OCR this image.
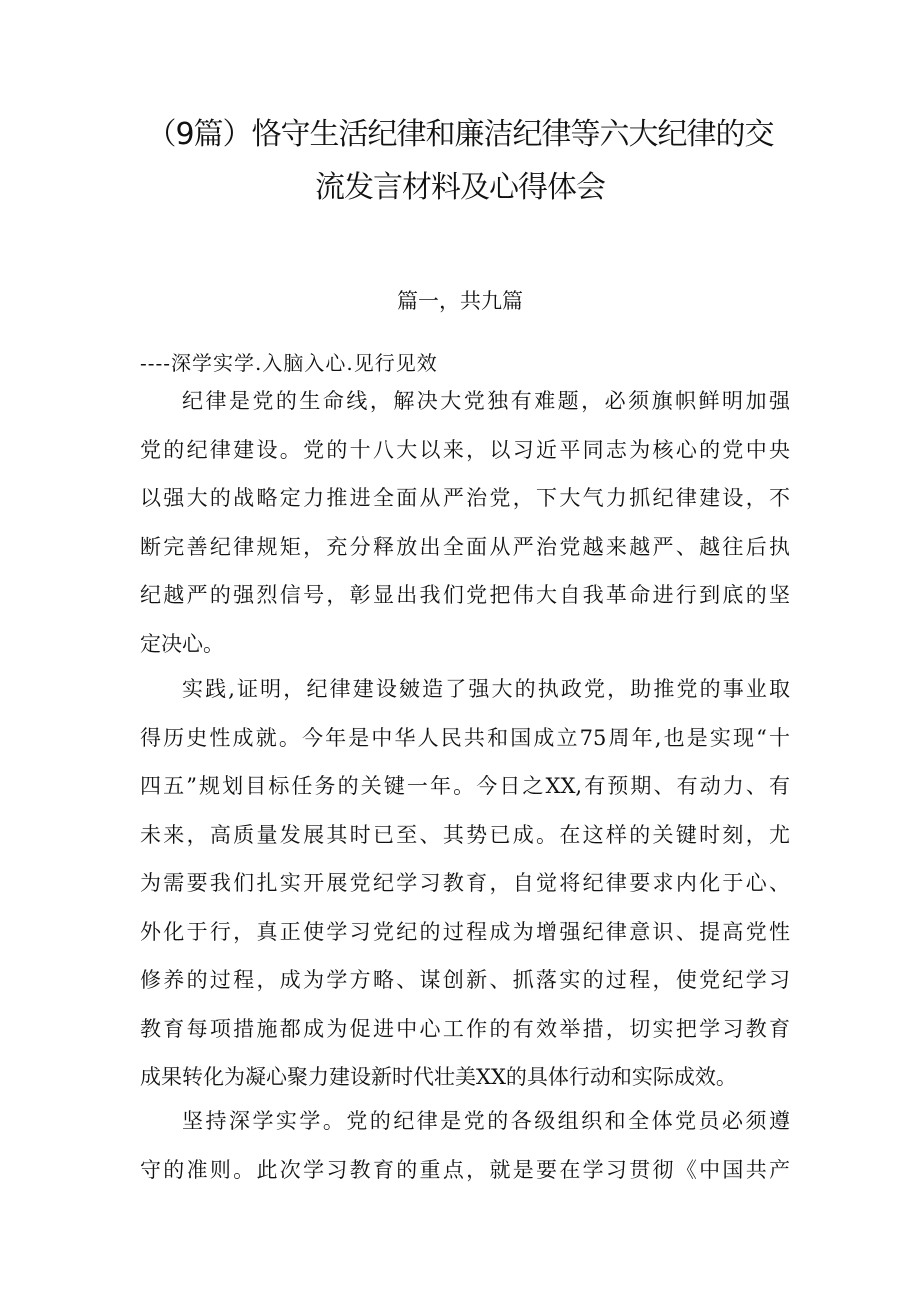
（9篇）恪守生活纪律和廉洁纪律等六大纪律的交
流发言材料及心得体会
篇一，共九篇
----深学实学.入脑入心.见行见效

纪律是党的生命线，解决大党独有难题，必须旗帜鲜明加强
党的纪律建设。党的十八大以来，以习近平同志为核心的党中央
以强大的战略定力推进全面从严治党，下大气力抓纪律建设，不
断完善纪律规矩，充分释放出全面从严治党越来越严、越往后执
纪越严的强烈信号，彰显出我们党把伟大自我革命进行到底的坚
定决心。

实践,证明，纪律建设皴造了强大的执政党，助推党的事业取
得历史性成就。今年是中华人民共和国成立75周年,也是实现“十
四五”规划目标任务的关键一年。今日之XX,有预期、有动力、有
未来，高质量发展其时已至、其势已成。在这样的关键时刻，尤
为需要我们扎实开展党纪学习教育，自觉将纪律要求内化于心、
外化于行，真正使学习党纪的过程成为增强纪律意识、提高党性
修养的过程，成为学方略、谋创新、抓落实的过程，使党纪学习
教育每项措施都成为促进中心工作的有效举措，切实把学习教育
成果转化为凝心聚力建设新时代壮美XX的具体行动和实际成效。

坚持深学实学。党的纪律是党的各级组织和全体党员必须遵
守的准则。此次学习教育的重点，就是要在学习贯彻《中国共产
